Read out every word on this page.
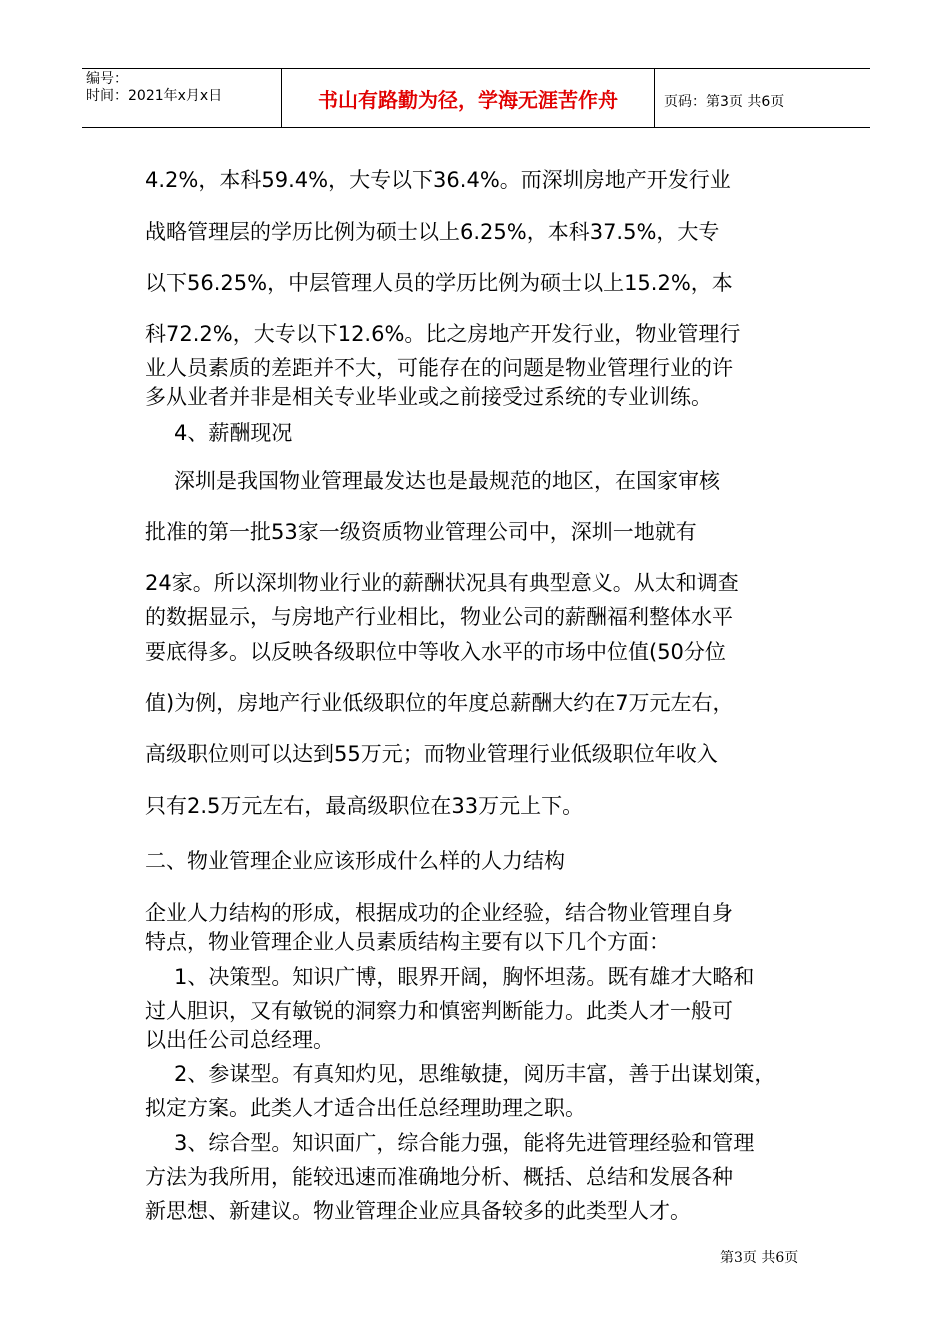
编号：
时间：2021年x月x日	书山有路勤为径，学海无涯苦作舟	页码：第3页 共6页
4.2%，本科59.4%，大专以下36.4%。而深圳房地产开发行业
战略管理层的学历比例为硕士以上6.25%，本科37.5%，大专
以下56.25%，中层管理人员的学历比例为硕士以上15.2%，本
科72.2%，大专以下12.6%。比之房地产开发行业，物业管理行
业人员素质的差距并不大，可能存在的问题是物业管理行业的许
多从业者并非是相关专业毕业或之前接受过系统的专业训练。
4、薪酬现况
深圳是我国物业管理最发达也是最规范的地区，在国家审核
批准的第一批53家一级资质物业管理公司中，深圳一地就有
24家。所以深圳物业行业的薪酬状况具有典型意义。从太和调查
的数据显示，与房地产行业相比，物业公司的薪酬福利整体水平
要底得多。以反映各级职位中等收入水平的市场中位值(50分位
值)为例，房地产行业低级职位的年度总薪酬大约在7万元左右，
高级职位则可以达到55万元；而物业管理行业低级职位年收入
只有2.5万元左右，最高级职位在33万元上下。
二、物业管理企业应该形成什么样的人力结构
企业人力结构的形成，根据成功的企业经验，结合物业管理自身
特点，物业管理企业人员素质结构主要有以下几个方面：
1、决策型。知识广博，眼界开阔，胸怀坦荡。既有雄才大略和
过人胆识，又有敏锐的洞察力和慎密判断能力。此类人才一般可
以出任公司总经理。
2、参谋型。有真知灼见，思维敏捷，阅历丰富，善于出谋划策，
拟定方案。此类人才适合出任总经理助理之职。
3、综合型。知识面广，综合能力强，能将先进管理经验和管理
方法为我所用，能较迅速而准确地分析、概括、总结和发展各种
新思想、新建议。物业管理企业应具备较多的此类型人才。
第3页 共6页
